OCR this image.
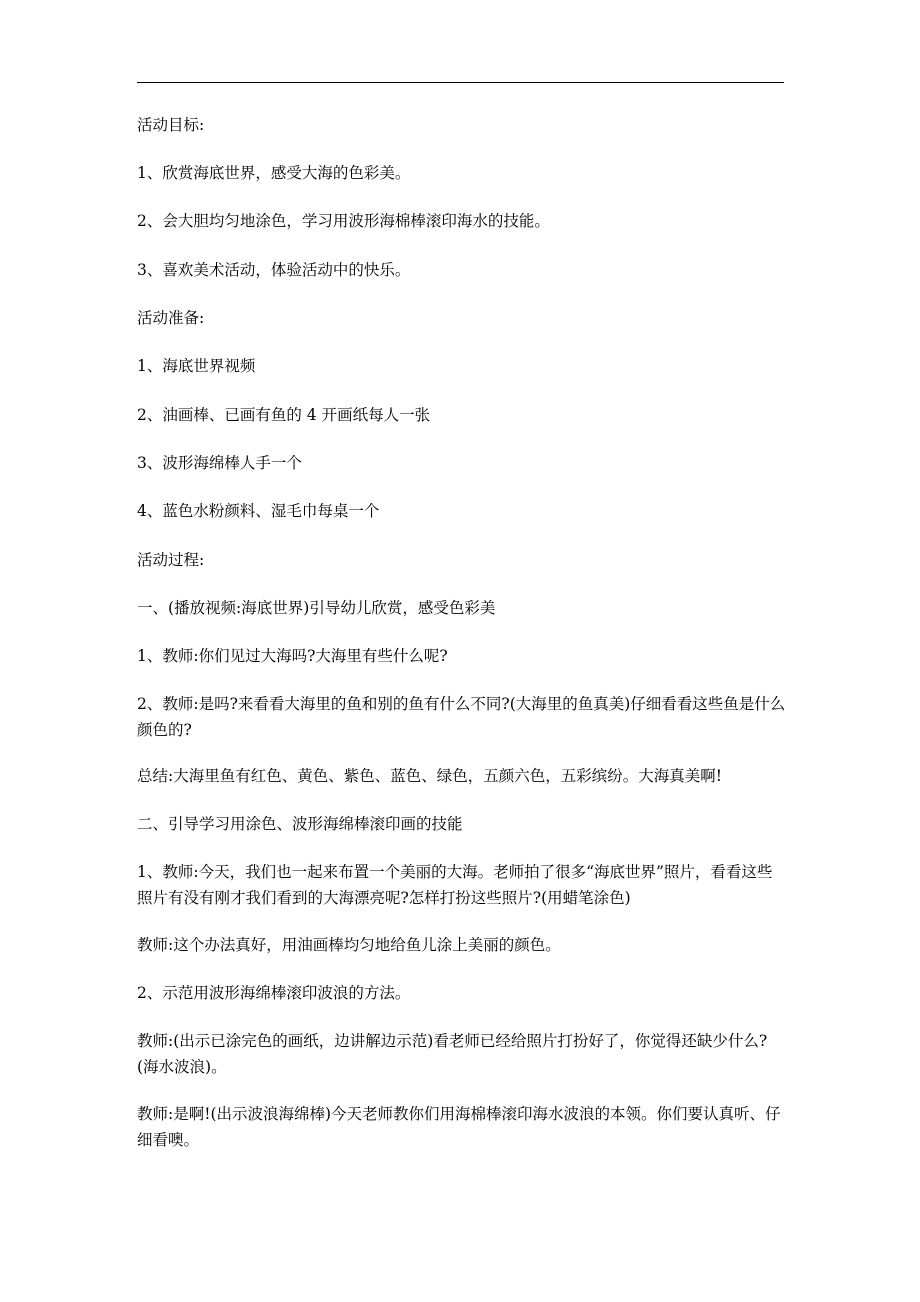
活动目标:

1、欣赏海底世界，感受大海的色彩美。

2、会大胆均匀地涂色，学习用波形海棉棒滚印海水的技能。

3、喜欢美术活动，体验活动中的快乐。

活动准备:

1、海底世界视频

2、油画棒、已画有鱼的 4 开画纸每人一张

3、波形海绵棒人手一个

4、蓝色水粉颜料、湿毛巾每桌一个

活动过程:

一、(播放视频:海底世界)引导幼儿欣赏，感受色彩美

1、教师:你们见过大海吗?大海里有些什么呢?

2、教师:是吗?来看看大海里的鱼和别的鱼有什么不同?(大海里的鱼真美)仔细看看这些鱼是什么颜色的?

总结:大海里鱼有红色、黄色、紫色、蓝色、绿色，五颜六色，五彩缤纷。大海真美啊!

二、引导学习用涂色、波形海绵棒滚印画的技能

1、教师:今天，我们也一起来布置一个美丽的大海。老师拍了很多“海底世界”照片，看看这些照片有没有刚才我们看到的大海漂亮呢?怎样打扮这些照片?(用蜡笔涂色)

教师:这个办法真好，用油画棒均匀地给鱼儿涂上美丽的颜色。

2、示范用波形海绵棒滚印波浪的方法。

教师:(出示已涂完色的画纸，边讲解边示范)看老师已经给照片打扮好了，你觉得还缺少什么?(海水波浪)。

教师:是啊!(出示波浪海绵棒)今天老师教你们用海棉棒滚印海水波浪的本领。你们要认真听、仔细看噢。
